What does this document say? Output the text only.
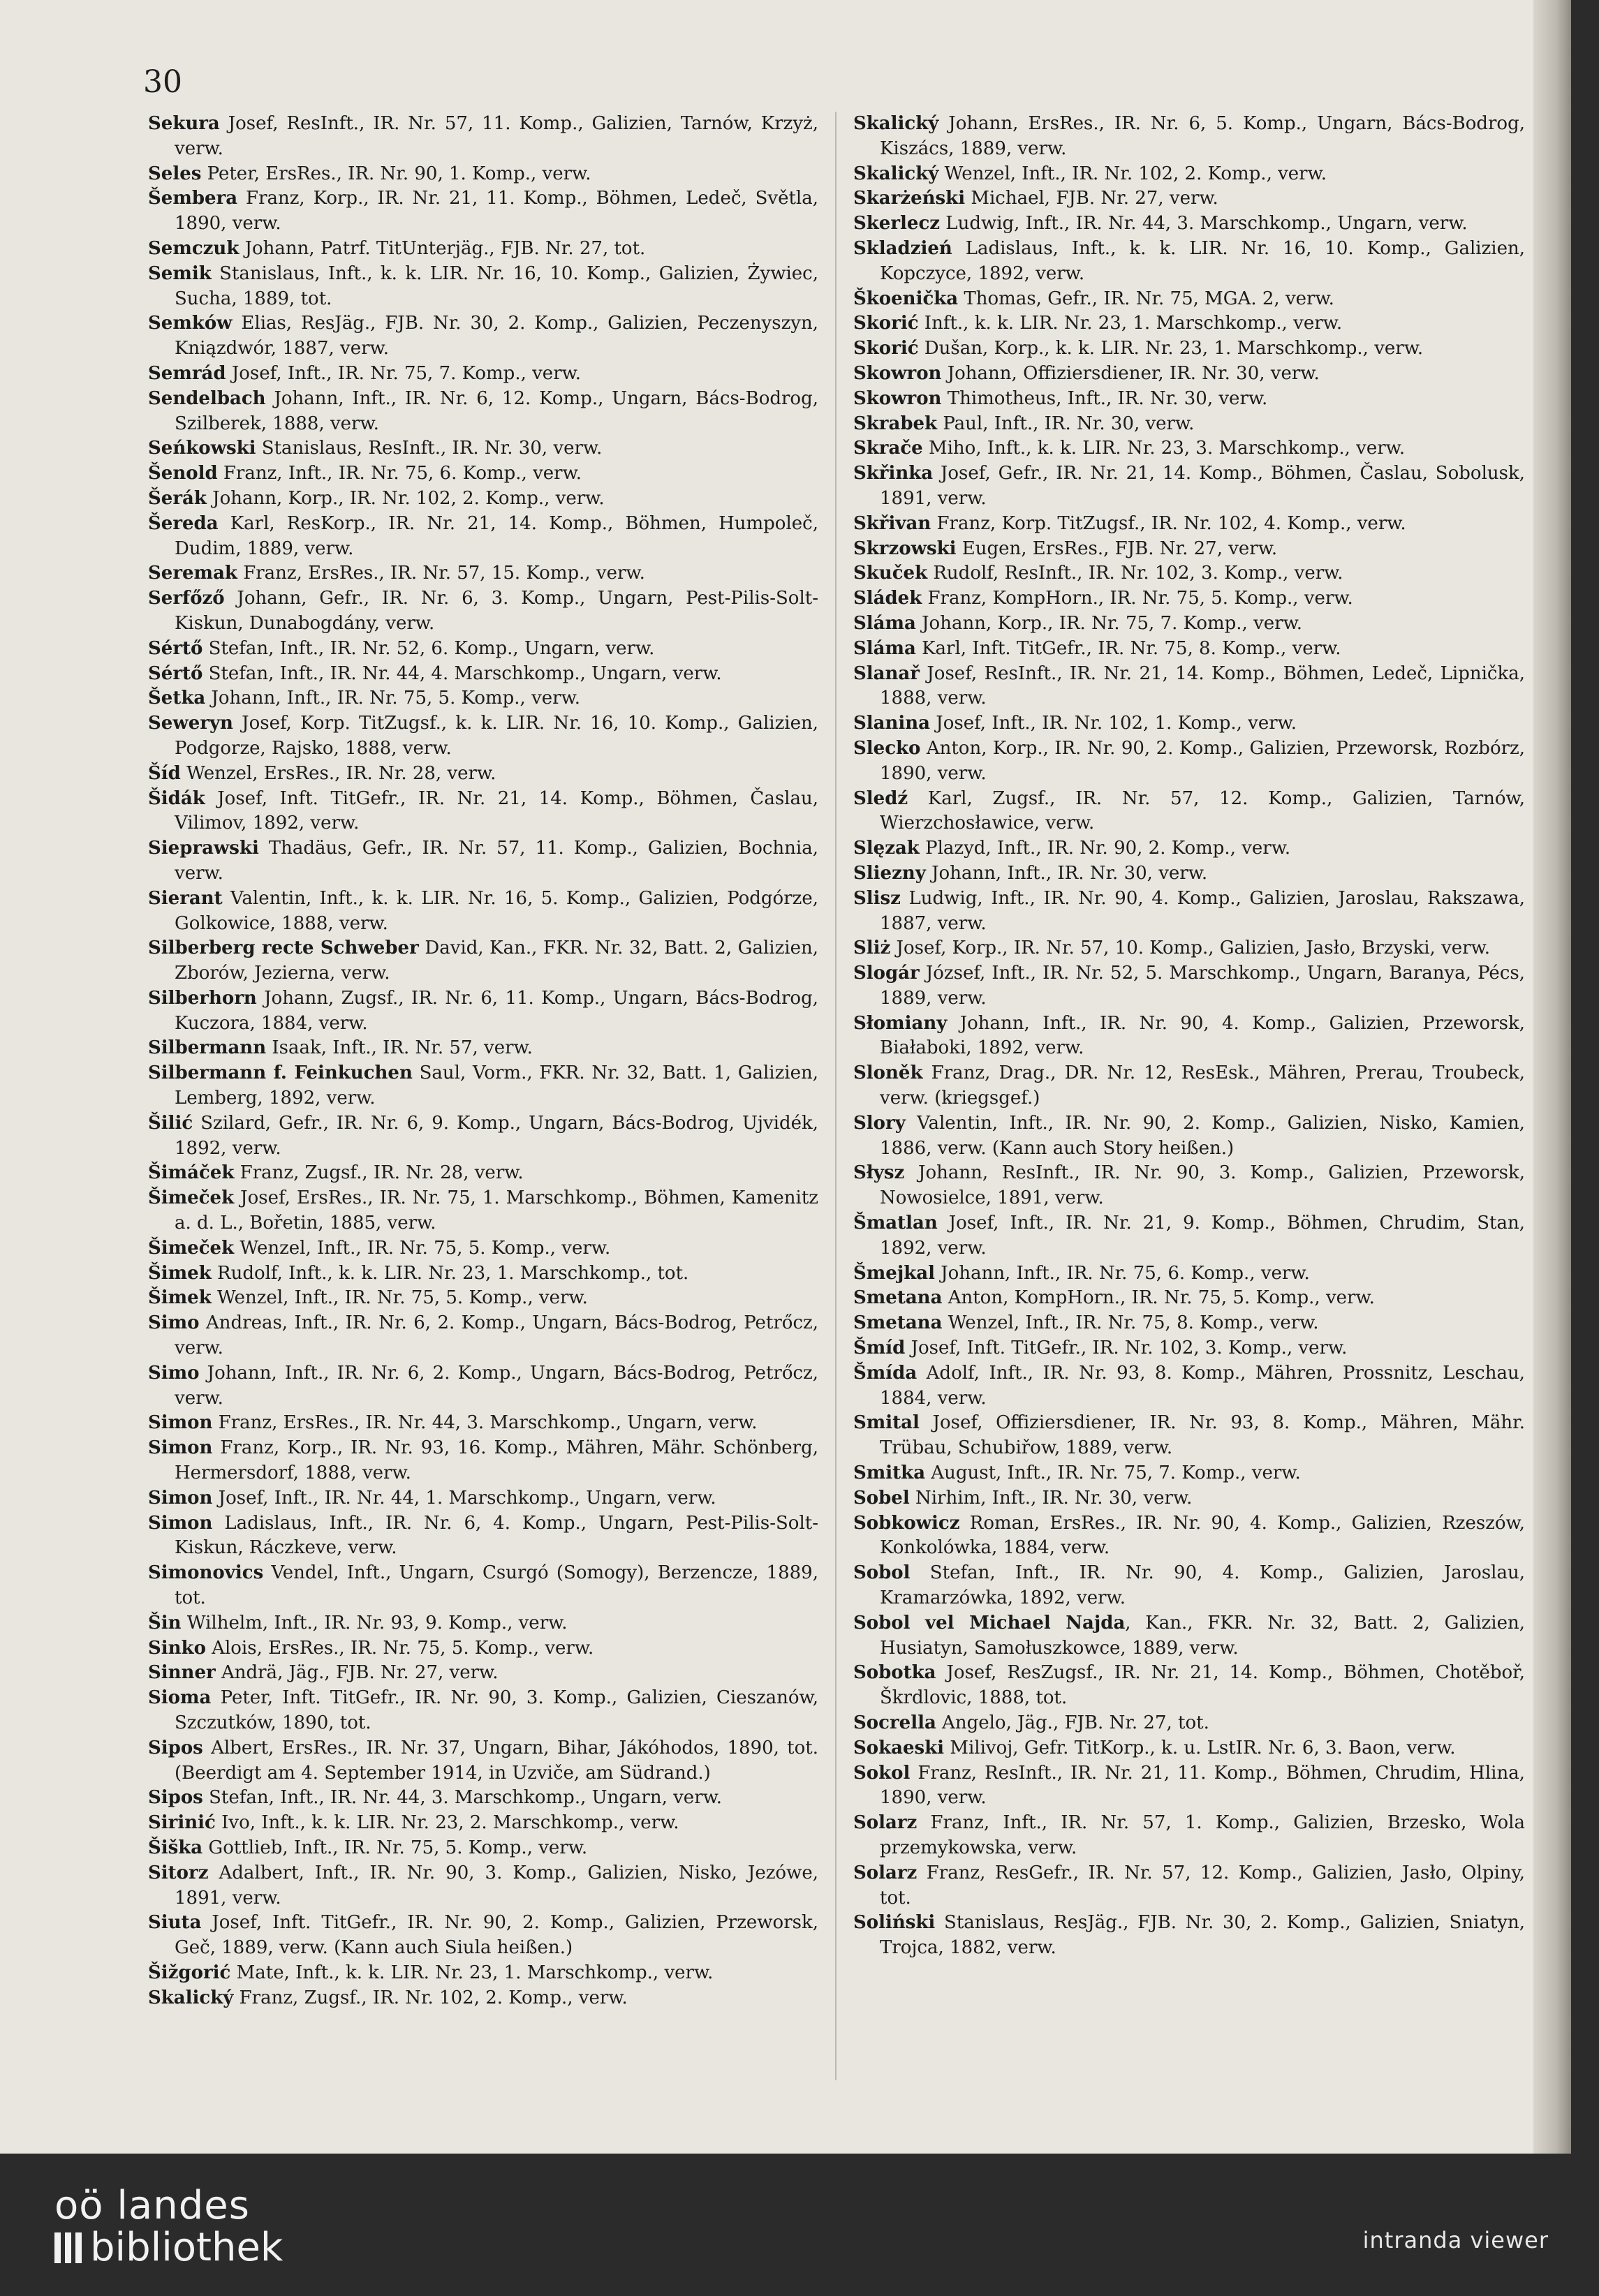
30

Sekura Josef, ResInft., IR. Nr. 57, 11. Komp., Galizien, Tarnów, Krzyż, verw.

Seles Peter, ErsRes., IR. Nr. 90, 1. Komp., verw.

Šembera Franz, Korp., IR. Nr. 21, 11. Komp., Böhmen, Ledeč, Světla, 1890, verw.

Semczuk Johann, Patrf. TitUnterjäg., FJB. Nr. 27, tot.

Semik Stanislaus, Inft., k. k. LIR. Nr. 16, 10. Komp., Galizien, Żywiec, Sucha, 1889, tot.

Semków Elias, ResJäg., FJB. Nr. 30, 2. Komp., Galizien, Peczenyszyn, Kniązdwór, 1887, verw.

Semrád Josef, Inft., IR. Nr. 75, 7. Komp., verw.

Sendelbach Johann, Inft., IR. Nr. 6, 12. Komp., Ungarn, Bács-Bodrog, Szilberek, 1888, verw.

Seńkowski Stanislaus, ResInft., IR. Nr. 30, verw.

Šenold Franz, Inft., IR. Nr. 75, 6. Komp., verw.

Šerák Johann, Korp., IR. Nr. 102, 2. Komp., verw.

Šereda Karl, ResKorp., IR. Nr. 21, 14. Komp., Böhmen, Humpoleč, Dudim, 1889, verw.

Seremak Franz, ErsRes., IR. Nr. 57, 15. Komp., verw.

Serfőző Johann, Gefr., IR. Nr. 6, 3. Komp., Ungarn, Pest-Pilis-Solt-Kiskun, Dunabogdány, verw.

Sértő Stefan, Inft., IR. Nr. 52, 6. Komp., Ungarn, verw.

Sértő Stefan, Inft., IR. Nr. 44, 4. Marschkomp., Ungarn, verw.

Šetka Johann, Inft., IR. Nr. 75, 5. Komp., verw.

Seweryn Josef, Korp. TitZugsf., k. k. LIR. Nr. 16, 10. Komp., Galizien, Podgorze, Rajsko, 1888, verw.

Šíd Wenzel, ErsRes., IR. Nr. 28, verw.

Šidák Josef, Inft. TitGefr., IR. Nr. 21, 14. Komp., Böhmen, Časlau, Vilimov, 1892, verw.

Sieprawski Thadäus, Gefr., IR. Nr. 57, 11. Komp., Galizien, Bochnia, verw.

Sierant Valentin, Inft., k. k. LIR. Nr. 16, 5. Komp., Galizien, Podgórze, Golkowice, 1888, verw.

Silberberg recte Schweber David, Kan., FKR. Nr. 32, Batt. 2, Galizien, Zborów, Jezierna, verw.

Silberhorn Johann, Zugsf., IR. Nr. 6, 11. Komp., Ungarn, Bács-Bodrog, Kuczora, 1884, verw.

Silbermann Isaak, Inft., IR. Nr. 57, verw.

Silbermann f. Feinkuchen Saul, Vorm., FKR. Nr. 32, Batt. 1, Galizien, Lemberg, 1892, verw.

Šilić Szilard, Gefr., IR. Nr. 6, 9. Komp., Ungarn, Bács-Bodrog, Ujvidék, 1892, verw.

Šimáček Franz, Zugsf., IR. Nr. 28, verw.

Šimeček Josef, ErsRes., IR. Nr. 75, 1. Marschkomp., Böhmen, Kamenitz a. d. L., Bořetin, 1885, verw.

Šimeček Wenzel, Inft., IR. Nr. 75, 5. Komp., verw.

Šimek Rudolf, Inft., k. k. LIR. Nr. 23, 1. Marschkomp., tot.

Šimek Wenzel, Inft., IR. Nr. 75, 5. Komp., verw.

Simo Andreas, Inft., IR. Nr. 6, 2. Komp., Ungarn, Bács-Bodrog, Petrőcz, verw.

Simo Johann, Inft., IR. Nr. 6, 2. Komp., Ungarn, Bács-Bodrog, Petrőcz, verw.

Simon Franz, ErsRes., IR. Nr. 44, 3. Marschkomp., Ungarn, verw.

Simon Franz, Korp., IR. Nr. 93, 16. Komp., Mähren, Mähr. Schönberg, Hermersdorf, 1888, verw.

Simon Josef, Inft., IR. Nr. 44, 1. Marschkomp., Ungarn, verw.

Simon Ladislaus, Inft., IR. Nr. 6, 4. Komp., Ungarn, Pest-Pilis-Solt-Kiskun, Ráczkeve, verw.

Simonovics Vendel, Inft., Ungarn, Csurgó (Somogy), Berzencze, 1889, tot.

Šin Wilhelm, Inft., IR. Nr. 93, 9. Komp., verw.

Sinko Alois, ErsRes., IR. Nr. 75, 5. Komp., verw.

Sinner Andrä, Jäg., FJB. Nr. 27, verw.

Sioma Peter, Inft. TitGefr., IR. Nr. 90, 3. Komp., Galizien, Cieszanów, Szczutków, 1890, tot.

Sipos Albert, ErsRes., IR. Nr. 37, Ungarn, Bihar, Jákóhodos, 1890, tot. (Beerdigt am 4. September 1914, in Uzviče, am Südrand.)

Sipos Stefan, Inft., IR. Nr. 44, 3. Marschkomp., Ungarn, verw.

Sirinić Ivo, Inft., k. k. LIR. Nr. 23, 2. Marschkomp., verw.

Šiška Gottlieb, Inft., IR. Nr. 75, 5. Komp., verw.

Sitorz Adalbert, Inft., IR. Nr. 90, 3. Komp., Galizien, Nisko, Jezówe, 1891, verw.

Siuta Josef, Inft. TitGefr., IR. Nr. 90, 2. Komp., Galizien, Przeworsk, Geč, 1889, verw. (Kann auch Siula heißen.)

Šižgorić Mate, Inft., k. k. LIR. Nr. 23, 1. Marschkomp., verw.

Skalický Franz, Zugsf., IR. Nr. 102, 2. Komp., verw.

Skalický Johann, ErsRes., IR. Nr. 6, 5. Komp., Ungarn, Bács-Bodrog, Kiszács, 1889, verw.

Skalický Wenzel, Inft., IR. Nr. 102, 2. Komp., verw.

Skarżeński Michael, FJB. Nr. 27, verw.

Skerlecz Ludwig, Inft., IR. Nr. 44, 3. Marschkomp., Ungarn, verw.

Skladzień Ladislaus, Inft., k. k. LIR. Nr. 16, 10. Komp., Galizien, Kopczyce, 1892, verw.

Škoenička Thomas, Gefr., IR. Nr. 75, MGA. 2, verw.

Skorić Inft., k. k. LIR. Nr. 23, 1. Marschkomp., verw.

Skorić Dušan, Korp., k. k. LIR. Nr. 23, 1. Marschkomp., verw.

Skowron Johann, Offiziersdiener, IR. Nr. 30, verw.

Skowron Thimotheus, Inft., IR. Nr. 30, verw.

Skrabek Paul, Inft., IR. Nr. 30, verw.

Skrače Miho, Inft., k. k. LIR. Nr. 23, 3. Marschkomp., verw.

Skřinka Josef, Gefr., IR. Nr. 21, 14. Komp., Böhmen, Časlau, Sobolusk, 1891, verw.

Skřivan Franz, Korp. TitZugsf., IR. Nr. 102, 4. Komp., verw.

Skrzowski Eugen, ErsRes., FJB. Nr. 27, verw.

Skuček Rudolf, ResInft., IR. Nr. 102, 3. Komp., verw.

Sládek Franz, KompHorn., IR. Nr. 75, 5. Komp., verw.

Sláma Johann, Korp., IR. Nr. 75, 7. Komp., verw.

Sláma Karl, Inft. TitGefr., IR. Nr. 75, 8. Komp., verw.

Slanař Josef, ResInft., IR. Nr. 21, 14. Komp., Böhmen, Ledeč, Lipnička, 1888, verw.

Slanina Josef, Inft., IR. Nr. 102, 1. Komp., verw.

Slecko Anton, Korp., IR. Nr. 90, 2. Komp., Galizien, Przeworsk, Rozbórz, 1890, verw.

Sledź Karl, Zugsf., IR. Nr. 57, 12. Komp., Galizien, Tarnów, Wierzchosławice, verw.

Slęzak Plazyd, Inft., IR. Nr. 90, 2. Komp., verw.

Sliezny Johann, Inft., IR. Nr. 30, verw.

Slisz Ludwig, Inft., IR. Nr. 90, 4. Komp., Galizien, Jaroslau, Rakszawa, 1887, verw.

Sliż Josef, Korp., IR. Nr. 57, 10. Komp., Galizien, Jasło, Brzyski, verw.

Slogár József, Inft., IR. Nr. 52, 5. Marschkomp., Ungarn, Baranya, Pécs, 1889, verw.

Słomiany Johann, Inft., IR. Nr. 90, 4. Komp., Galizien, Przeworsk, Białaboki, 1892, verw.

Sloněk Franz, Drag., DR. Nr. 12, ResEsk., Mähren, Prerau, Troubeck, verw. (kriegsgef.)

Slory Valentin, Inft., IR. Nr. 90, 2. Komp., Galizien, Nisko, Kamien, 1886, verw. (Kann auch Story heißen.)

Słysz Johann, ResInft., IR. Nr. 90, 3. Komp., Galizien, Przeworsk, Nowosielce, 1891, verw.

Šmatlan Josef, Inft., IR. Nr. 21, 9. Komp., Böhmen, Chrudim, Stan, 1892, verw.

Šmejkal Johann, Inft., IR. Nr. 75, 6. Komp., verw.

Smetana Anton, KompHorn., IR. Nr. 75, 5. Komp., verw.

Smetana Wenzel, Inft., IR. Nr. 75, 8. Komp., verw.

Šmíd Josef, Inft. TitGefr., IR. Nr. 102, 3. Komp., verw.

Šmída Adolf, Inft., IR. Nr. 93, 8. Komp., Mähren, Prossnitz, Leschau, 1884, verw.

Smital Josef, Offiziersdiener, IR. Nr. 93, 8. Komp., Mähren, Mähr. Trübau, Schubiřow, 1889, verw.

Smitka August, Inft., IR. Nr. 75, 7. Komp., verw.

Sobel Nirhim, Inft., IR. Nr. 30, verw.

Sobkowicz Roman, ErsRes., IR. Nr. 90, 4. Komp., Galizien, Rzeszów, Konkolówka, 1884, verw.

Sobol Stefan, Inft., IR. Nr. 90, 4. Komp., Galizien, Jaroslau, Kramarzówka, 1892, verw.

Sobol vel Michael Najda, Kan., FKR. Nr. 32, Batt. 2, Galizien, Husiatyn, Samołuszkowce, 1889, verw.

Sobotka Josef, ResZugsf., IR. Nr. 21, 14. Komp., Böhmen, Chotěboř, Škrdlovic, 1888, tot.

Socrella Angelo, Jäg., FJB. Nr. 27, tot.

Sokaeski Milivoj, Gefr. TitKorp., k. u. LstIR. Nr. 6, 3. Baon, verw.

Sokol Franz, ResInft., IR. Nr. 21, 11. Komp., Böhmen, Chrudim, Hlina, 1890, verw.

Solarz Franz, Inft., IR. Nr. 57, 1. Komp., Galizien, Brzesko, Wola przemykowska, verw.

Solarz Franz, ResGefr., IR. Nr. 57, 12. Komp., Galizien, Jasło, Olpiny, tot.

Soliński Stanislaus, ResJäg., FJB. Nr. 30, 2. Komp., Galizien, Sniatyn, Trojca, 1882, verw.

oö landes
bibliothek	intranda viewer
